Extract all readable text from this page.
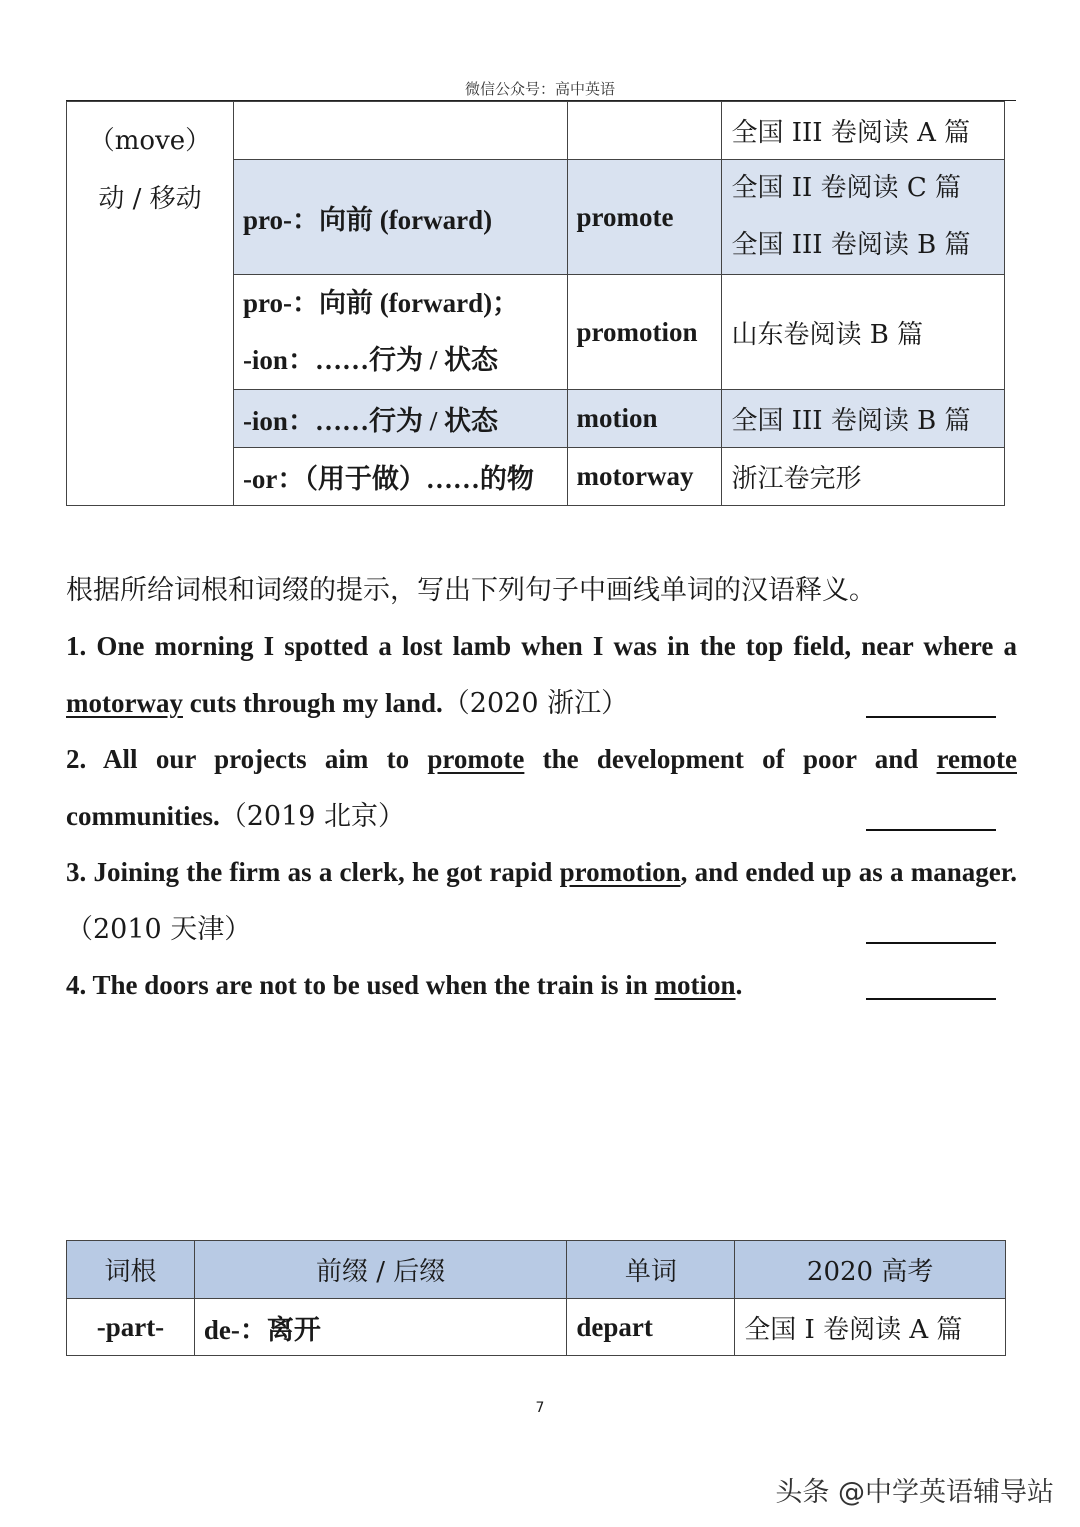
微信公众号：高中英语
（move）
动 / 移动			全国 III 卷阅读 A 篇
	pro-：向前 (forward)	promote	全国 II 卷阅读 C 篇
全国 III 卷阅读 B 篇

	pro-：向前 (forward)；
-ion：……行为 / 状态	promotion	山东卷阅读 B 篇
	-ion：……行为 / 状态	motion	全国 III 卷阅读 B 篇
	-or：（用于做）……的物	motorway	浙江卷完形
根据所给词根和词缀的提示，写出下列句子中画线单词的汉语释义。
1. One morning I spotted a lost lamb when I was in the top field, near where a motorway cuts through my land.（2020 浙江）
2. All our projects aim to promote the development of poor and remote communities.（2019 北京）
3. Joining the firm as a clerk, he got rapid promotion, and ended up as a manager.（2010 天津）
4. The doors are not to be used when the train is in motion.
词根	前缀 / 后缀	单词	2020 高考
-part-	de-：离开	depart	全国 I 卷阅读 A 篇
7
头条 @中学英语辅导站
